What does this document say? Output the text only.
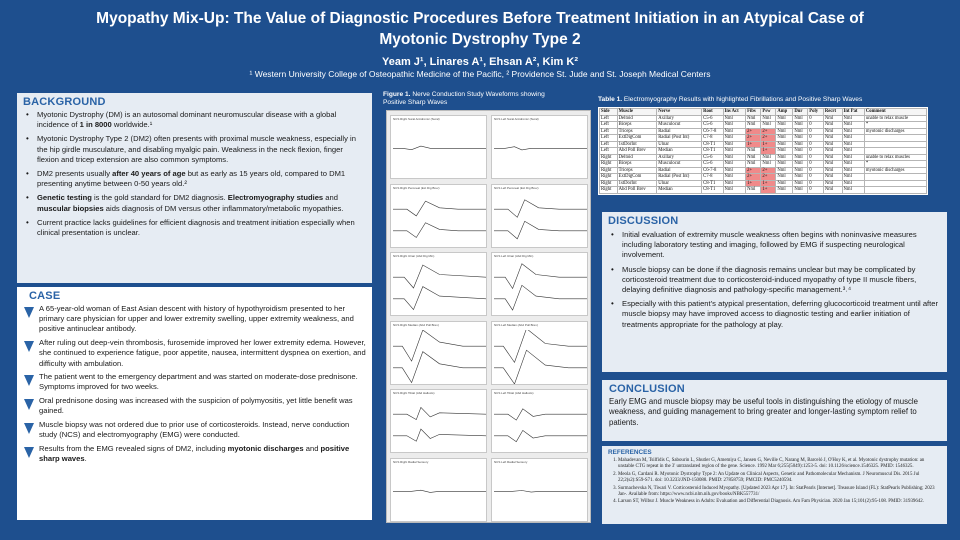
Myopathy Mix-Up: The Value of Diagnostic Procedures Before Treatment Initiation in an Atypical Case of
Myotonic Dystrophy Type 2
Yeam J¹, Linares A¹, Ehsan A², Kim K²
¹ Western University College of Osteopathic Medicine of the Pacific, ² Providence St. Jude and St. Joseph Medical Centers
BACKGROUND
• Myotonic Dystrophy (DM) is an autosomal dominant neuromuscular disease with a global incidence of 1 in 8000 worldwide.¹
• Myotonic Dystrophy Type 2 (DM2) often presents with proximal muscle weakness, especially in the hip girdle musculature, and disabling myalgic pain. Weakness in the neck flexion, finger flexion and tricep extension are also common symptoms.
• DM2 presents usually after 40 years of age but as early as 15 years old, compared to DM1 presenting anytime between 0-50 years old.²
• Genetic testing is the gold standard for DM2 diagnosis. Electromyography studies and muscular biopsies aids diagnosis of DM versus other inflammatory/metabolic myopathies.
• Current practice lacks guidelines for efficient diagnosis and treatment initiation especially when clinical presentation is unclear.
CASE
A 65-year-old woman of East Asian descent with history of hypothyroidism presented to her primary care physician for upper and lower extremity swelling, upper extremity weakness, and positive antinuclear antibody.
After ruling out deep-vein thrombosis, furosemide improved her lower extremity edema. However, she continued to experience fatigue, poor appetite, nausea, intermittent dyspnea on exertion, and difficulty with ambulation.
The patient went to the emergency department and was started on moderate-dose prednisone. Symptoms improved for two weeks.
Oral prednisone dosing was increased with the suspicion of polymyositis, yet little benefit was gained.
Muscle biopsy was not ordered due to prior use of corticosteroids. Instead, nerve conduction study (NCS) and electromyography (EMG) were conducted.
Results from the EMG revealed signs of DM2, including myotonic discharges and positive sharp waves.
Figure 1. Nerve Conduction Study Waveforms showing Positive Sharp Waves
NCS Right Sural Antidromic (Sural)	NCS Left Sural Antidromic (Sural)
NCS Right Peroneal (Ext Dig Brev)	NCS Left Peroneal (Ext Dig Brev)
NCS Right Ulnar (Abd Dig Min)	NCS Left Ulnar (Abd Dig Min)
NCS Right Median (Abd Poll Brev)	NCS Left Median (Abd Poll Brev)
NCS Right Tibial (Abd Hallucis)	NCS Left Tibial (Abd Hallucis)
NCS Right Radial Sensory	NCS Left Radial Sensory
Table 1. Electromyography Results with highlighted Fibrillations and Positive Sharp Waves
Side	Muscle	Nerve	Root	Ins Act	Fibs	Psw	Amp	Dur	Poly	Recrt	Int Pat	Comment
Left	Deltoid	Axillary	C5-6	Nml	Nml	Nml	Nml	Nml	0	Nml	Nml	unable to relax muscle
Left	Biceps	Musculocut	C5-6	Nml	Nml	Nml	Nml	Nml	0	Nml	Nml	*
Left	Triceps	Radial	C6-7-8	Nml	2+	2+	Nml	Nml	0	Nml	Nml	myotonic discharges
Left	ExtDigCom	Radial (Post Int)	C7-8	Nml	2+	2+	Nml	Nml	0	Nml	Nml	
Left	1stDorInt	Ulnar	C8-T1	Nml	1+	1+	Nml	Nml	0	Nml	Nml	
Left	Abd Poll Brev	Median	C8-T1	Nml	Nml	1+	Nml	Nml	0	Nml	Nml	
Right	Deltoid	Axillary	C5-6	Nml	Nml	Nml	Nml	Nml	0	Nml	Nml	unable to relax muscles
Right	Biceps	Musculocut	C5-6	Nml	Nml	Nml	Nml	Nml	0	Nml	Nml	*
Right	Triceps	Radial	C6-7-8	Nml	2+	2+	Nml	Nml	0	Nml	Nml	myotonic discharges
Right	ExtDigCom	Radial (Post Int)	C7-8	Nml	2+	2+	Nml	Nml	0	Nml	Nml	
Right	1stDorInt	Ulnar	C8-T1	Nml	1+	1+	Nml	Nml	0	Nml	Nml	
Right	Abd Poll Brev	Median	C8-T1	Nml	Nml	1+	Nml	Nml	0	Nml	Nml	
DISCUSSION
• Initial evaluation of extremity muscle weakness often begins with noninvasive measures including laboratory testing and imaging, followed by EMG if suspecting neurological involvement.
• Muscle biopsy can be done if the diagnosis remains unclear but may be complicated by corticosteroid treatment due to corticosteroid-induced myopathy of type II muscle fibers, delaying definitive diagnosis and pathology-specific management.³˒⁴
• Especially with this patient’s atypical presentation, deferring glucocorticoid treatment until after muscle biopsy may have improved access to diagnostic testing and earlier initiation of treatments appropriate for the pathology at play.
CONCLUSION
Early EMG and muscle biopsy may be useful tools in distinguishing the etiology of muscle weakness, and guiding management to bring greater and longer-lasting symptom relief to patients.
REFERENCES
1. Mahadevan M, Tsilfidis C, Sabourin L, Shutler G, Amemiya C, Jansen G, Neville C, Narang M, Barceló J, O'Hoy K, et al. Myotonic dystrophy mutation: an unstable CTG repeat in the 3' untranslated region of the gene. Science. 1992 Mar 6;255(5049):1253-5. doi: 10.1126/science.1546325. PMID: 1546325.
2. Meola G, Cardani R. Myotonic Dystrophy Type 2: An Update on Clinical Aspects, Genetic and Pathomolecular Mechanism. J Neuromuscul Dis. 2015 Jul 22;2(s2):S59-S71. doi: 10.3233/JND-150088. PMID: 27858759; PMCID: PMC5240594.
3. Surmachevska N, Tiwari V. Corticosteroid Induced Myopathy. [Updated 2023 Apr 17]. In: StatPearls [Internet]. Treasure Island (FL): StatPearls Publishing; 2023 Jan-. Available from: https://www.ncbi.nlm.nih.gov/books/NBK557731/
4. Larson ST, Wilbur J. Muscle Weakness in Adults: Evaluation and Differential Diagnosis. Am Fam Physician. 2020 Jan 15;101(2):95-108. PMID: 31939642.
